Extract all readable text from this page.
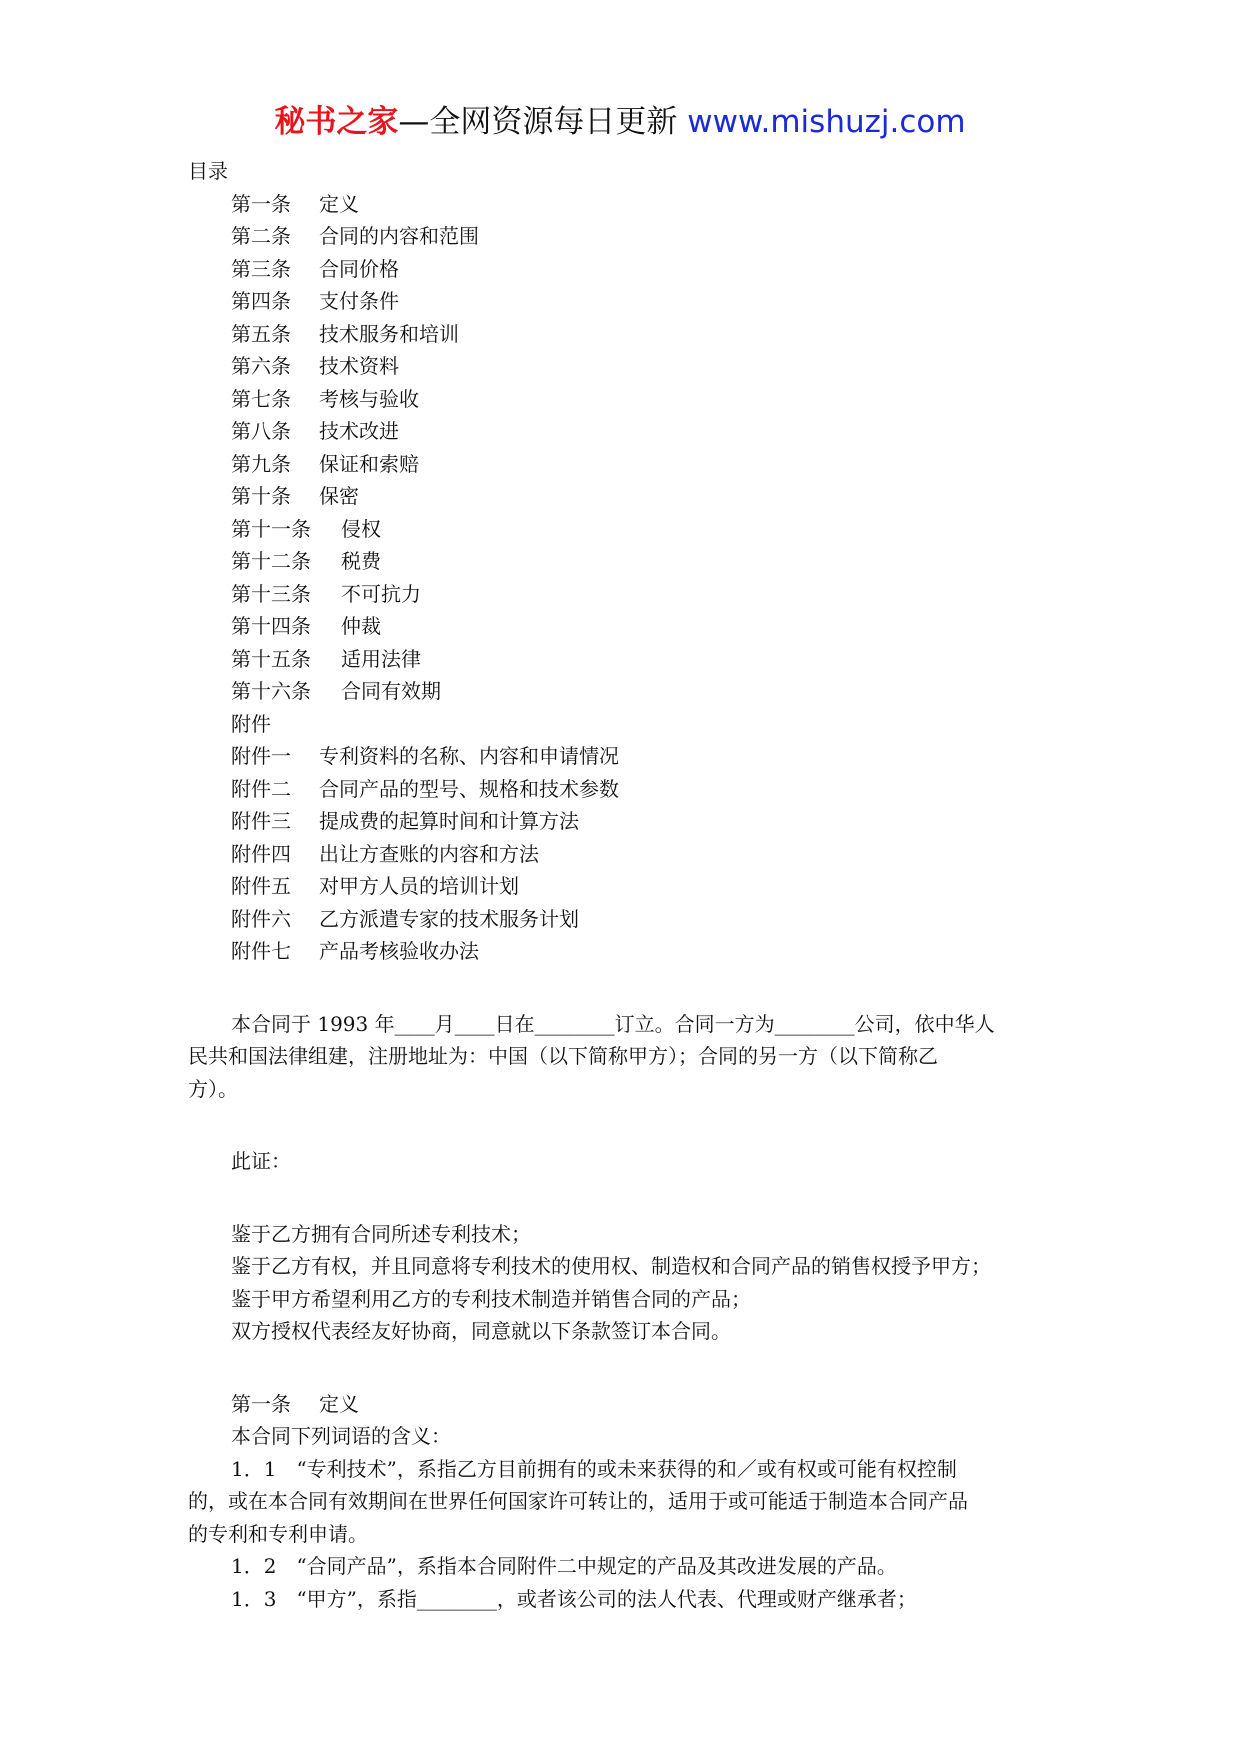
秘书之家—全网资源每日更新 www.mishuzj.com
目录
第一条 定义
第二条 合同的内容和范围
第三条 合同价格
第四条 支付条件
第五条 技术服务和培训
第六条 技术资料
第七条 考核与验收
第八条 技术改进
第九条 保证和索赔
第十条 保密
第十一条 侵权
第十二条 税费
第十三条 不可抗力
第十四条 仲裁
第十五条 适用法律
第十六条 合同有效期
附件
附件一 专利资料的名称、内容和申请情况
附件二 合同产品的型号、规格和技术参数
附件三 提成费的起算时间和计算方法
附件四 出让方查账的内容和方法
附件五 对甲方人员的培训计划
附件六 乙方派遣专家的技术服务计划
附件七 产品考核验收办法
本合同于 1993 年____月____日在________订立。合同一方为________公司，依中华人
民共和国法律组建，注册地址为：中国（以下简称甲方）；合同的另一方（以下简称乙
方）。
此证：
鉴于乙方拥有合同所述专利技术；
鉴于乙方有权，并且同意将专利技术的使用权、制造权和合同产品的销售权授予甲方；
鉴于甲方希望利用乙方的专利技术制造并销售合同的产品；
双方授权代表经友好协商，同意就以下条款签订本合同。
第一条 定义
本合同下列词语的含义：
1．1　“专利技术”，系指乙方目前拥有的或未来获得的和／或有权或可能有权控制
的，或在本合同有效期间在世界任何国家许可转让的，适用于或可能适于制造本合同产品
的专利和专利申请。
1．2　“合同产品”，系指本合同附件二中规定的产品及其改进发展的产品。
1．3　“甲方”，系指________，或者该公司的法人代表、代理或财产继承者；
